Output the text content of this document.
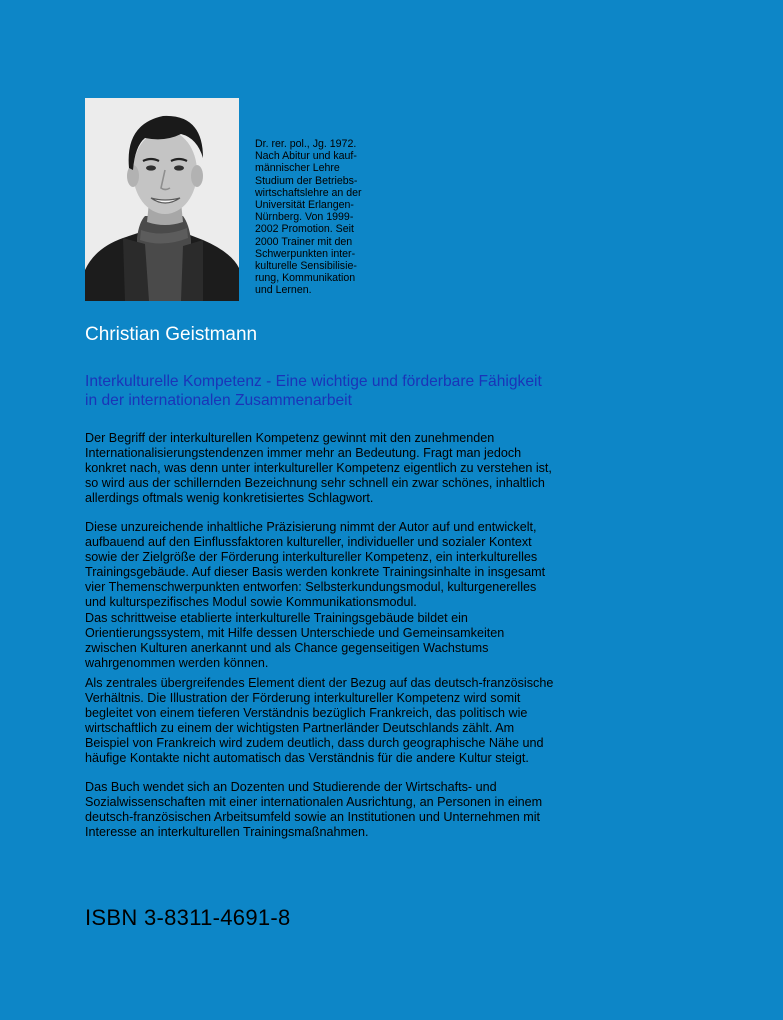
Dr. rer. pol., Jg. 1972.
Nach Abitur und kauf-
männischer Lehre
Studium der Betriebs-
wirtschaftslehre an der
Universität Erlangen-
Nürnberg. Von 1999-
2002 Promotion. Seit
2000 Trainer mit den
Schwerpunkten inter-
kulturelle Sensibilisie-
rung, Kommunikation
und Lernen.
Christian Geistmann
Interkulturelle Kompetenz - Eine wichtige und förderbare Fähigkeit
in der internationalen Zusammenarbeit
Der Begriff der interkulturellen Kompetenz gewinnt mit den zunehmenden
Internationalisierungstendenzen immer mehr an Bedeutung. Fragt man jedoch
konkret nach, was denn unter interkultureller Kompetenz eigentlich zu verstehen ist,
so wird aus der schillernden Bezeichnung sehr schnell ein zwar schönes, inhaltlich
allerdings oftmals wenig konkretisiertes Schlagwort.
Diese unzureichende inhaltliche Präzisierung nimmt der Autor auf und entwickelt,
aufbauend auf den Einflussfaktoren kultureller, individueller und sozialer Kontext
sowie der Zielgröße der Förderung interkultureller Kompetenz, ein interkulturelles
Trainingsgebäude. Auf dieser Basis werden konkrete Trainingsinhalte in insgesamt
vier Themenschwerpunkten entworfen: Selbsterkundungsmodul, kulturgenerelles
und kulturspezifisches Modul sowie Kommunikationsmodul.
Das schrittweise etablierte interkulturelle Trainingsgebäude bildet ein
Orientierungssystem, mit Hilfe dessen Unterschiede und Gemeinsamkeiten
zwischen Kulturen anerkannt und als Chance gegenseitigen Wachstums
wahrgenommen werden können.
Als zentrales übergreifendes Element dient der Bezug auf das deutsch-französische
Verhältnis. Die Illustration der Förderung interkultureller Kompetenz wird somit
begleitet von einem tieferen Verständnis bezüglich Frankreich, das politisch wie
wirtschaftlich zu einem der wichtigsten Partnerländer Deutschlands zählt. Am
Beispiel von Frankreich wird zudem deutlich, dass durch geographische Nähe und
häufige Kontakte nicht automatisch das Verständnis für die andere Kultur steigt.
Das Buch wendet sich an Dozenten und Studierende der Wirtschafts- und
Sozialwissenschaften mit einer internationalen Ausrichtung, an Personen in einem
deutsch-französischen Arbeitsumfeld sowie an Institutionen und Unternehmen mit
Interesse an interkulturellen Trainingsmaßnahmen.
ISBN 3-8311-4691-8
